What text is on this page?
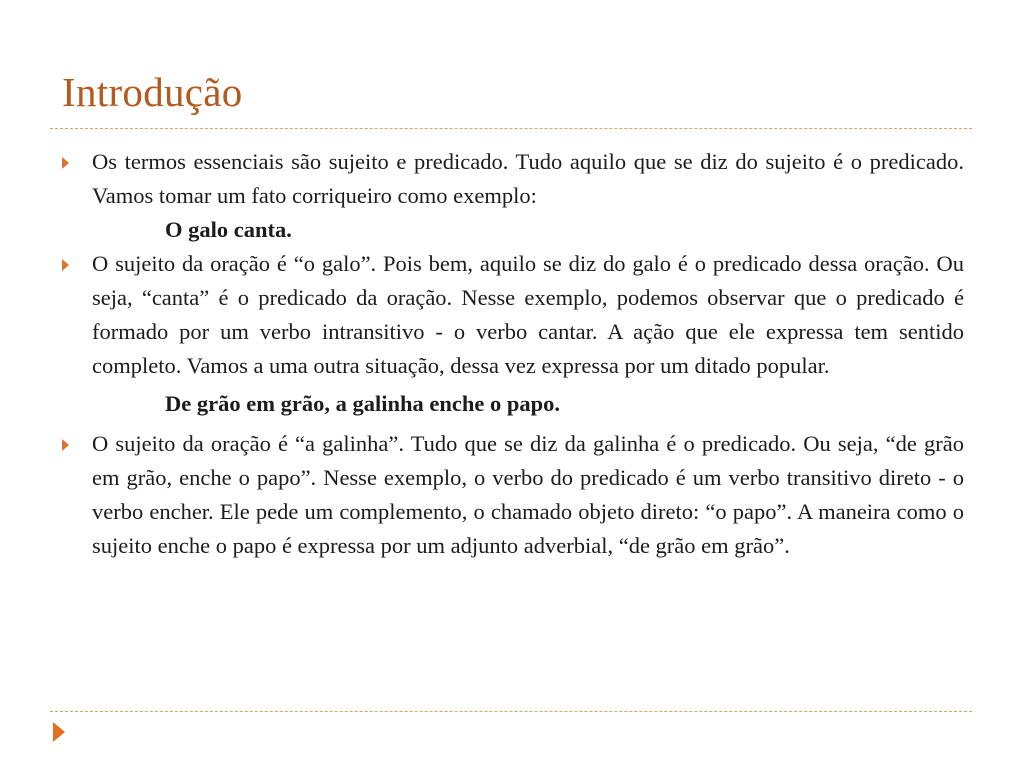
Introdução
Os termos essenciais são sujeito e predicado. Tudo aquilo que se diz do sujeito é o predicado. Vamos tomar um fato corriqueiro como exemplo:
O galo canta.
O sujeito da oração é “o galo”. Pois bem, aquilo se diz do galo é o predicado dessa oração. Ou seja, “canta” é o predicado da oração. Nesse exemplo, podemos observar que o predicado é formado por um verbo intransitivo - o verbo cantar. A ação que ele expressa tem sentido completo. Vamos a uma outra situação, dessa vez expressa por um ditado popular.
De grão em grão, a galinha enche o papo.
O sujeito da oração é “a galinha”. Tudo que se diz da galinha é o predicado. Ou seja, “de grão em grão, enche o papo”. Nesse exemplo, o verbo do predicado é um verbo transitivo direto - o verbo encher. Ele pede um complemento, o chamado objeto direto: “o papo”. A maneira como o sujeito enche o papo é expressa por um adjunto adverbial, “de grão em grão”.
